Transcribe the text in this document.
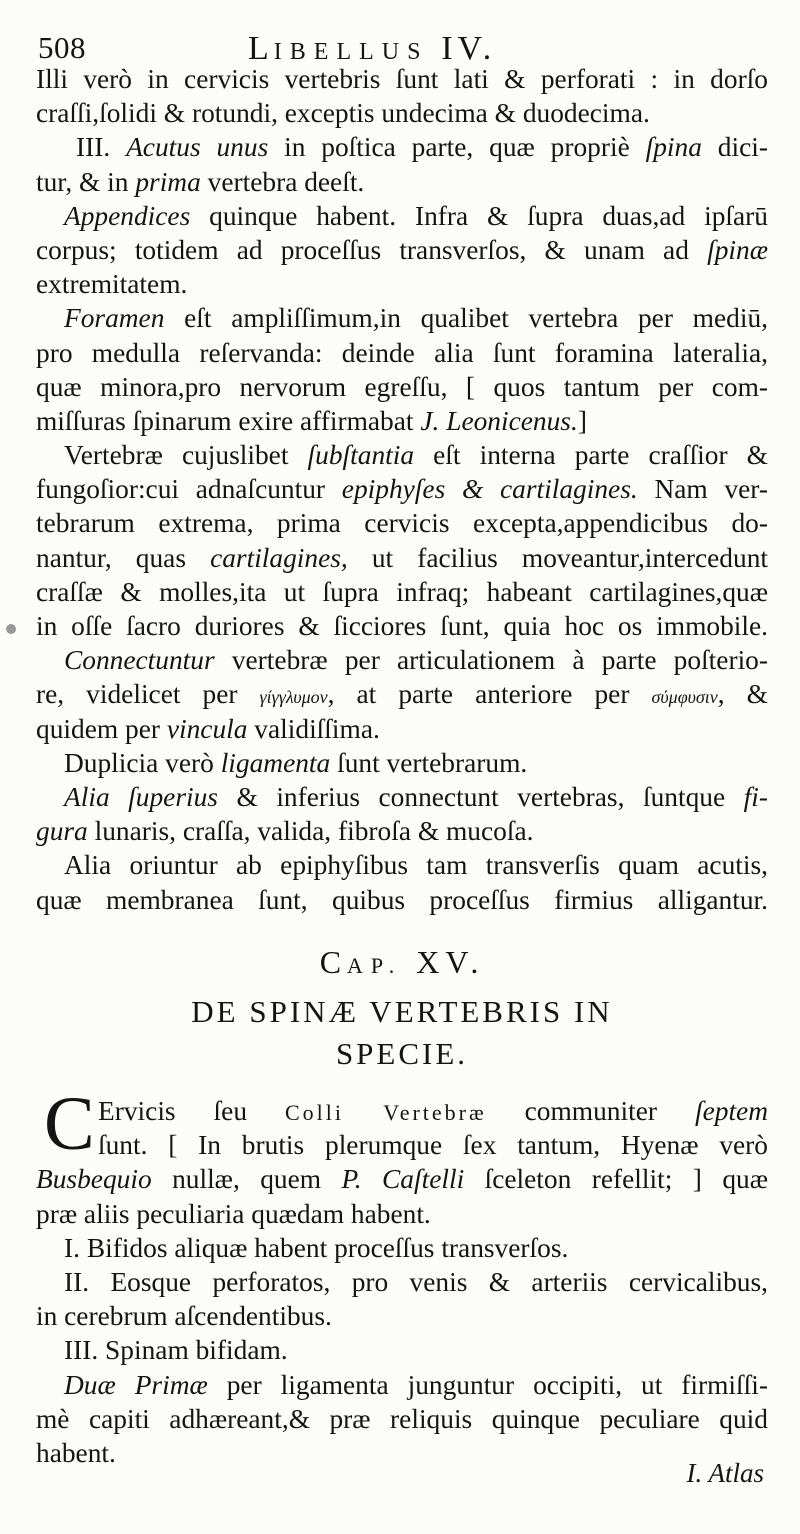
508	LIBELLUS IV.
Illi verò in cervicis vertebris ſunt lati & perforati : in dorſo
craſſi,ſolidi & rotundi, exceptis undecima & duodecima.
III. Acutus unus in poſtica parte, quæ propriè ſpina dici-
tur, & in prima vertebra deeſt.
Appendices quinque habent. Infra & ſupra duas,ad ipſarū
corpus; totidem ad proceſſus transverſos, & unam ad ſpinæ
extremitatem.
Foramen eſt ampliſſimum,in qualibet vertebra per mediū,
pro medulla reſervanda: deinde alia ſunt foramina lateralia,
quæ minora,pro nervorum egreſſu, [ quos tantum per com-
miſſuras ſpinarum exire affirmabat J. Leonicenus.]
Vertebræ cujuslibet ſubſtantia eſt interna parte craſſior &
fungoſior:cui adnaſcuntur epiphyſes & cartilagines. Nam ver-
tebrarum extrema, prima cervicis excepta,appendicibus do-
nantur, quas cartilagines, ut facilius moveantur,intercedunt
craſſæ & molles,ita ut ſupra infraq; habeant cartilagines,quæ
in oſſe ſacro duriores & ſicciores ſunt, quia hoc os immobile.
Connectuntur vertebræ per articulationem à parte poſterio-
re, videlicet per γίγγλυμον, at parte anteriore per σύμφυσιν, &
quidem per vincula validiſſima.
Duplicia verò ligamenta ſunt vertebrarum.
Alia ſuperius & inferius connectunt vertebras, ſuntque fi-
gura lunaris, craſſa, valida, fibroſa & mucoſa.
Alia oriuntur ab epiphyſibus tam transverſis quam acutis,
quæ membranea ſunt, quibus proceſſus firmius alligantur.
CAP. XV.
DE SPINÆ VERTEBRIS IN
SPECIE.
C Ervicis ſeu Colli Vertebræ communiter ſeptem
ſunt. [ In brutis plerumque ſex tantum, Hyenæ verò
Busbequio nullæ, quem P. Caſtelli ſceleton refellit; ] quæ
præ aliis peculiaria quædam habent.
I. Bifidos aliquæ habent proceſſus transverſos.
II. Eosque perforatos, pro venis & arteriis cervicalibus,
in cerebrum aſcendentibus.
III. Spinam bifidam.
Duæ Primæ per ligamenta junguntur occipiti, ut firmiſſi-
mè capiti adhæreant,& præ reliquis quinque peculiare quid
habent.
I. Atlas
